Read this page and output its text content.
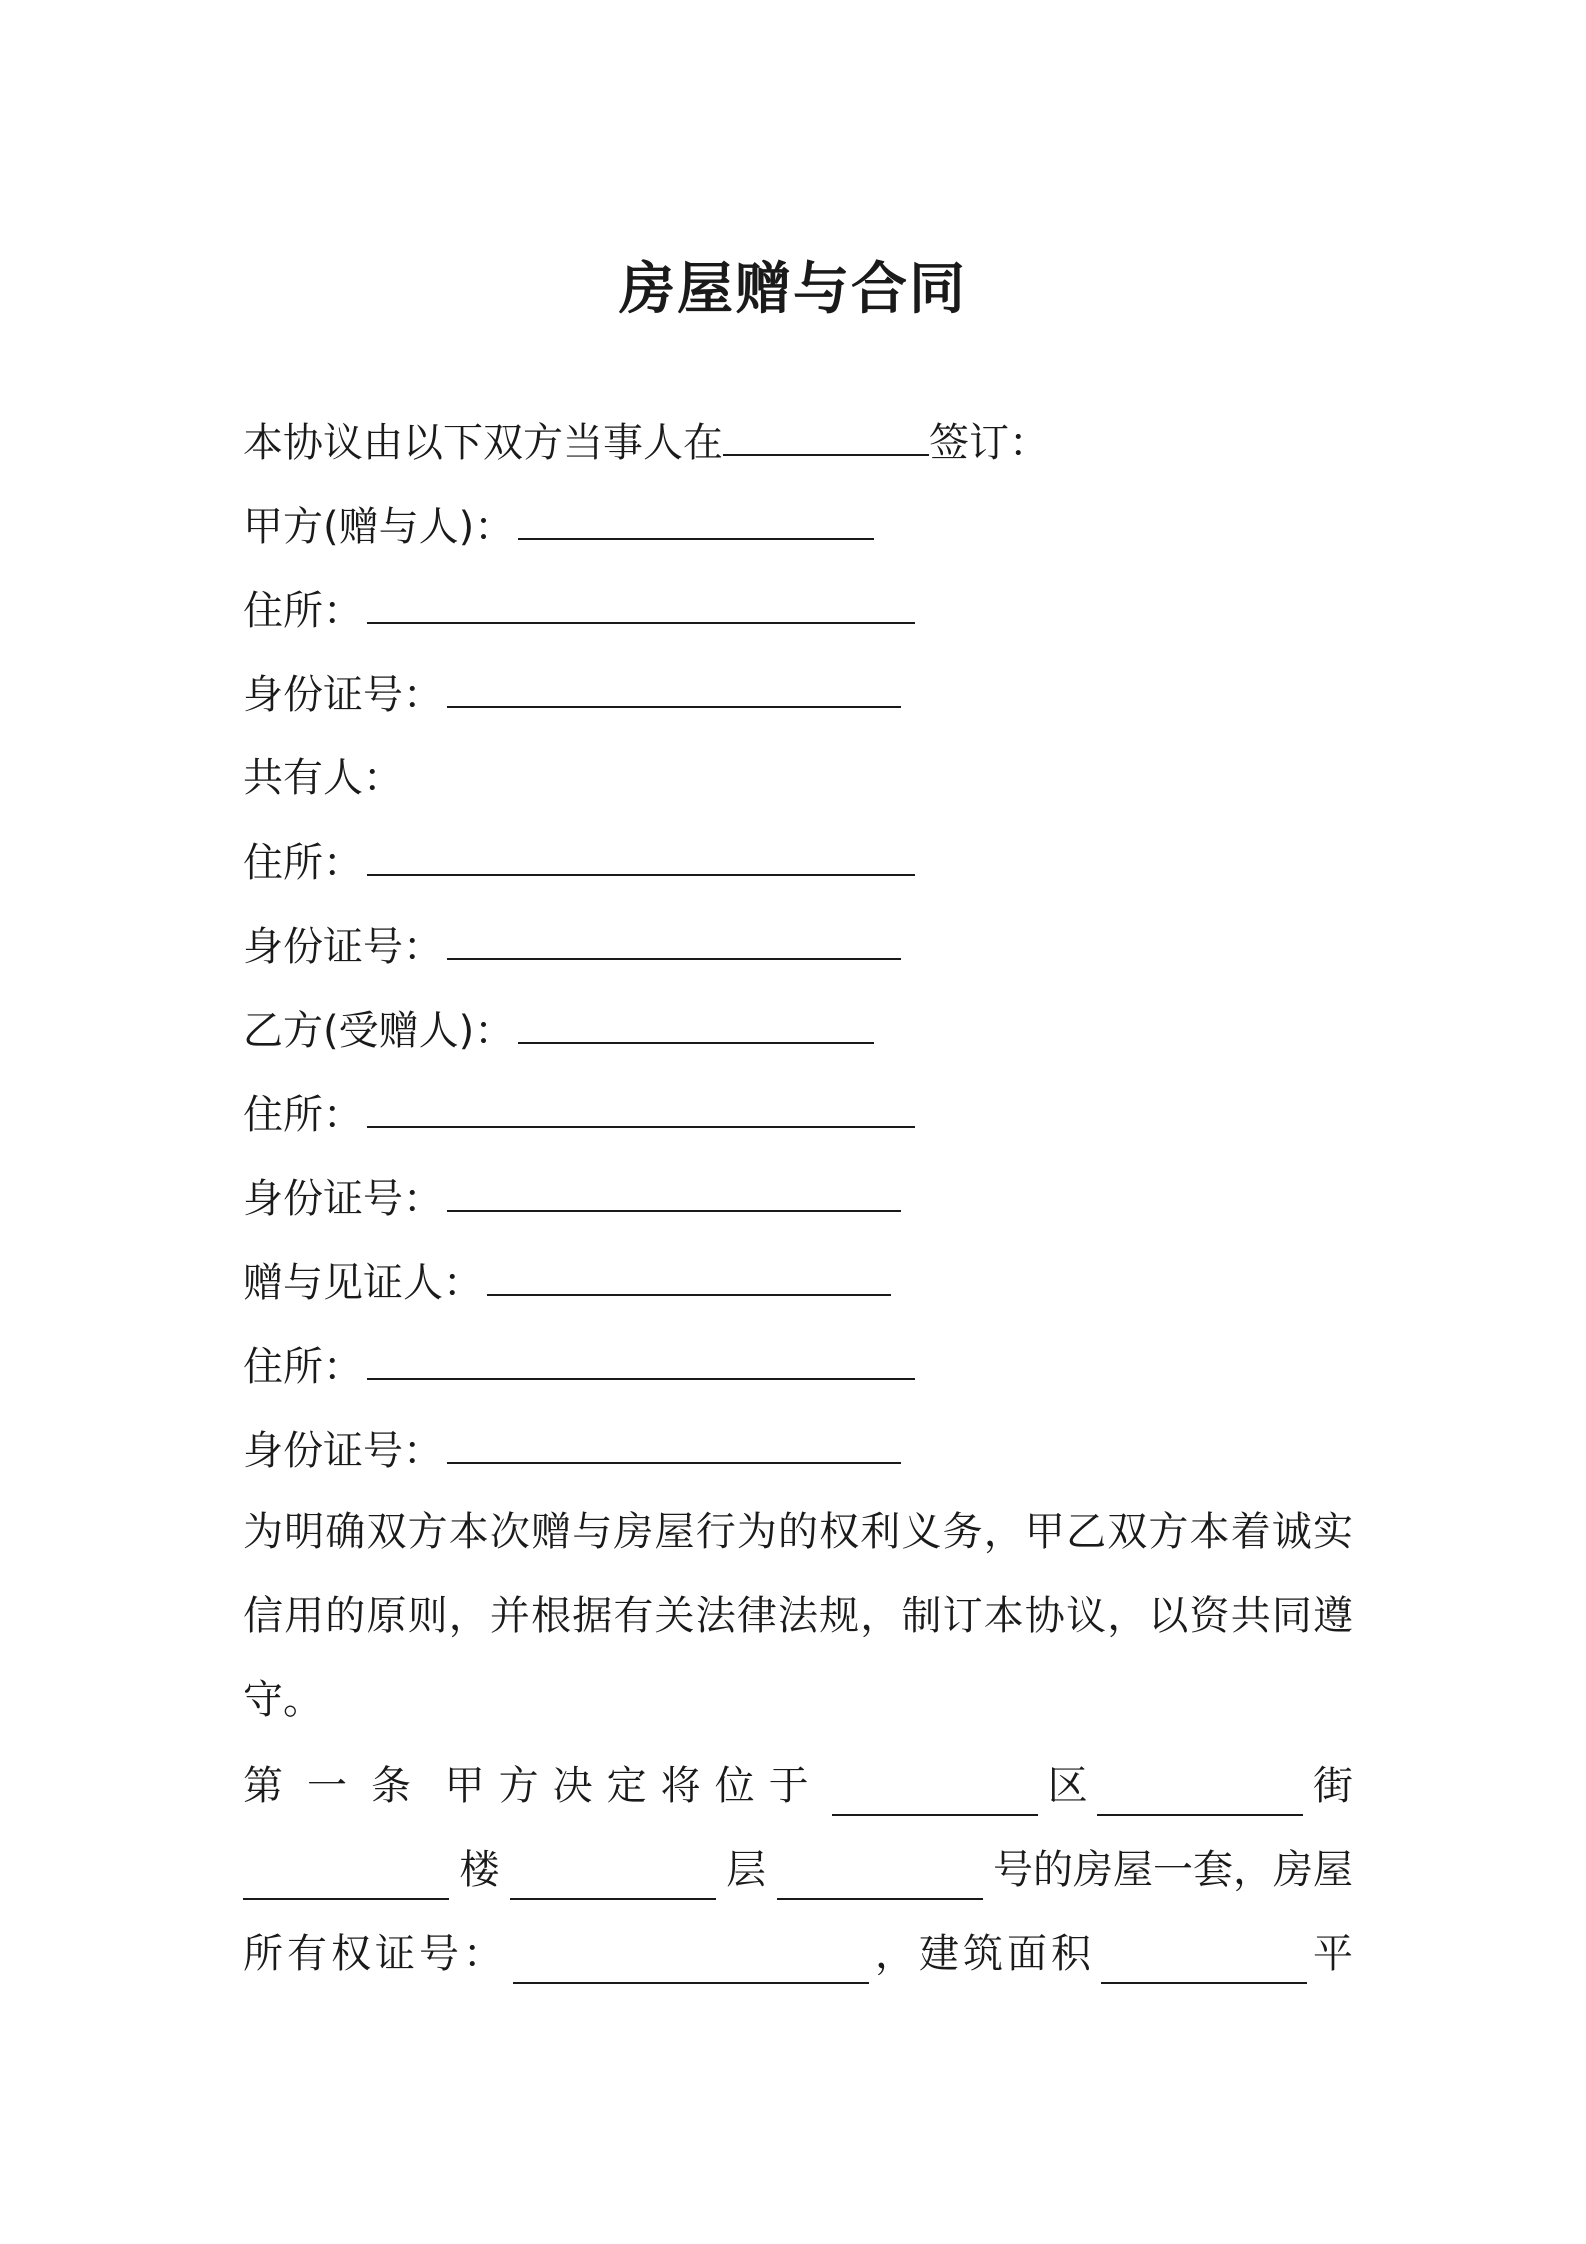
房屋赠与合同
本协议由以下双方当事人在	签订：
甲方(赠与人)：
住所：
身份证号：
共有人：
住所：
身份证号：
乙方(受赠人)：
住所：
身份证号：
赠与见证人：
住所：
身份证号：
为明确双方本次赠与房屋行为的权利义务，甲乙双方本着诚实信用的原则，并根据有关法律法规，制订本协议，以资共同遵守。
第一条 甲方决定将位于	区	街
楼	层	号的房屋一套，房屋
所有权证号：	，建筑面积	平
